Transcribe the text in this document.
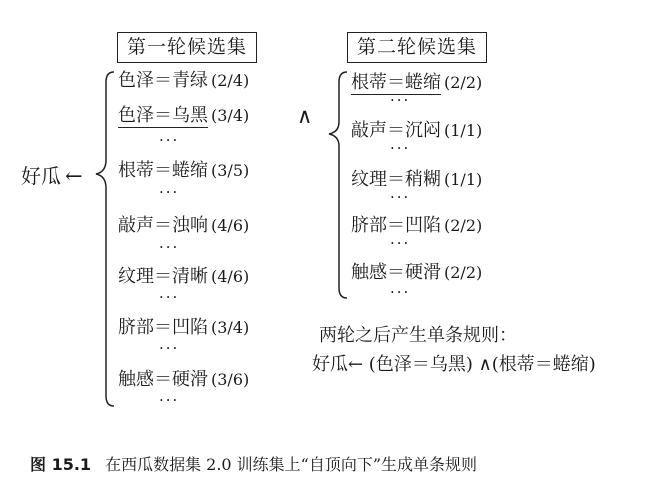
第一轮候选集	第二轮候选集
好瓜 ←
∧
色泽＝青绿 (2/4)
色泽＝乌黑 (3/4)
···
根蒂＝蜷缩 (3/5)
···
敲声＝浊响 (4/6)
···
纹理＝清晰 (4/6)
···
脐部＝凹陷 (3/4)
···
触感＝硬滑 (3/6)
···
根蒂＝蜷缩 (2/2)
···
敲声＝沉闷 (1/1)
···
纹理＝稍糊 (1/1)
···
脐部＝凹陷 (2/2)
···
触感＝硬滑 (2/2)
···
两轮之后产生单条规则：
好瓜← (色泽＝乌黑) ∧(根蒂＝蜷缩)
图 15.1 在西瓜数据集 2.0 训练集上“自顶向下”生成单条规则
